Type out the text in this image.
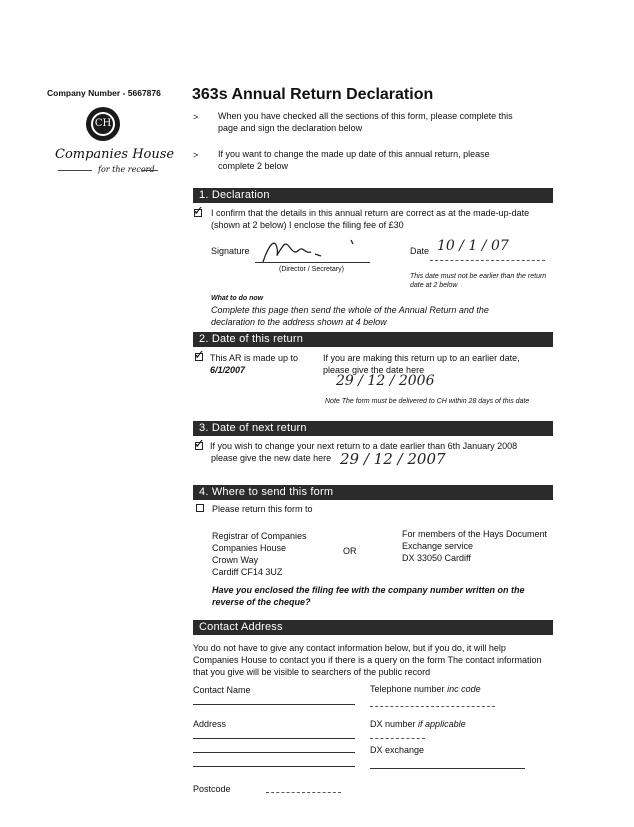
Company Number - 5667876
CH
Companies House
for the record
363s Annual Return Declaration
> When you have checked all the sections of this form, please complete this page and sign the declaration below
> If you want to change the made up date of this annual return, please complete 2 below
1. Declaration
✓ I confirm that the details in this annual return are correct as at the made-up-date (shown at 2 below) I enclose the filing fee of £30
Signature
(Director / Secretary)
Date 10 / 1 / 07
This date must not be earlier than the return date at 2 below
What to do now
Complete this page then send the whole of the Annual Return and the declaration to the address shown at 4 below
2. Date of this return
✓ This AR is made up to
6/1/2007
If you are making this return up to an earlier date, please give the date here
29 / 12 / 2006
Note The form must be delivered to CH within 28 days of this date
3. Date of next return
✓ If you wish to change your next return to a date earlier than 6th January 2008
please give the new date here 29 / 12 / 2007
4. Where to send this form
Please return this form to
Registrar of Companies
Companies House
Crown Way
Cardiff CF14 3UZ
OR
For members of the Hays Document
Exchange service
DX 33050 Cardiff
Have you enclosed the filing fee with the company number written on the reverse of the cheque?
Contact Address
You do not have to give any contact information below, but if you do, it will help Companies House to contact you if there is a query on the form The contact information that you give will be visible to searchers of the public record
Contact Name	Telephone number inc code
Address	DX number if applicable
DX exchange
Postcode
